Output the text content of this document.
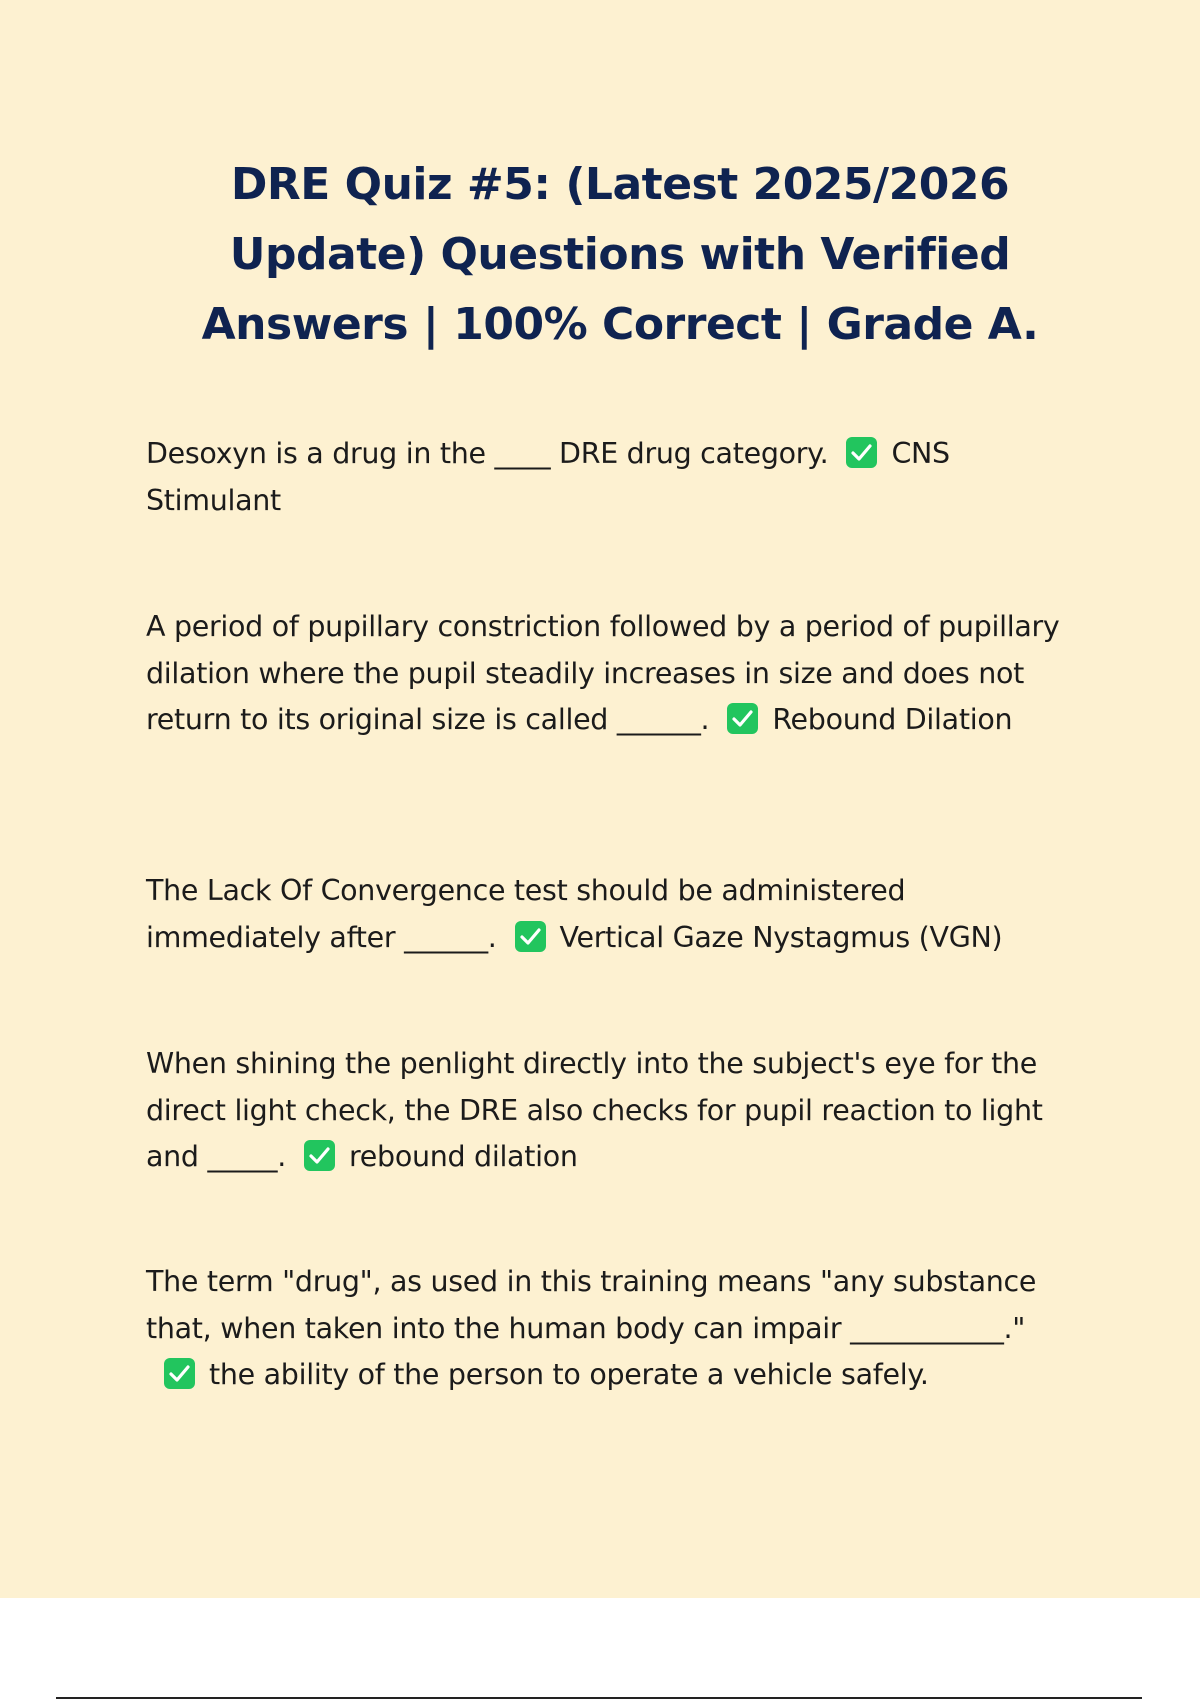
DRE Quiz #5: (Latest 2025/2026 Update) Questions with Verified Answers | 100% Correct | Grade A.

Desoxyn is a drug in the ____ DRE drug category. CNS Stimulant

A period of pupillary constriction followed by a period of pupillary dilation where the pupil steadily increases in size and does not return to its original size is called ______. Rebound Dilation

The Lack Of Convergence test should be administered immediately after ______. Vertical Gaze Nystagmus (VGN)

When shining the penlight directly into the subject's eye for the direct light check, the DRE also checks for pupil reaction to light and _____. rebound dilation

The term "drug", as used in this training means "any substance that, when taken into the human body can impair ___________."
the ability of the person to operate a vehicle safely.
